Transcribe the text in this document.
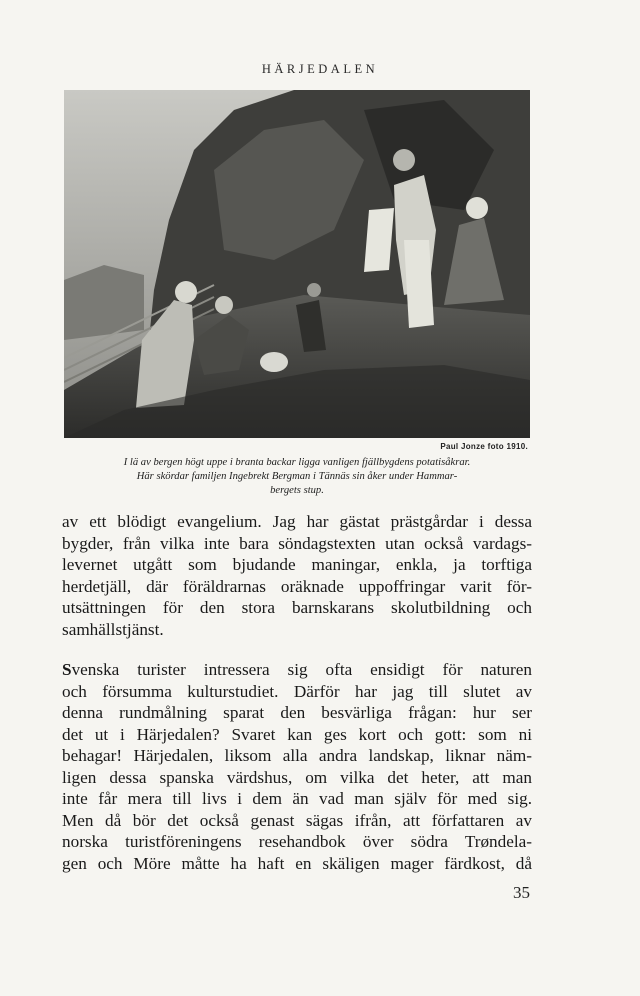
HÄRJEDALEN
Paul Jonze foto 1910.
I lä av bergen högt uppe i branta backar ligga vanligen fjällbygdens potatisåkrar.
Här skördar familjen Ingebrekt Bergman i Tännäs sin åker under Hammar-
bergets stup.
av ett blödigt evangelium. Jag har gästat prästgårdar i dessa
bygder, från vilka inte bara söndagstexten utan också vardags-
levernet utgått som bjudande maningar, enkla, ja torftiga
herdetjäll, där föräldrarnas oräknade uppoffringar varit för-
utsättningen för den stora barnskarans skolutbildning och
samhällstjänst.
Svenska turister intressera sig ofta ensidigt för naturen
och försumma kulturstudiet. Därför har jag till slutet av
denna rundmålning sparat den besvärliga frågan: hur ser
det ut i Härjedalen? Svaret kan ges kort och gott: som ni
behagar! Härjedalen, liksom alla andra landskap, liknar näm-
ligen dessa spanska värdshus, om vilka det heter, att man
inte får mera till livs i dem än vad man själv för med sig.
Men då bör det också genast sägas ifrån, att författaren av
norska turistföreningens resehandbok över södra Trøndela-
gen och Möre måtte ha haft en skäligen mager färdkost, då
35
